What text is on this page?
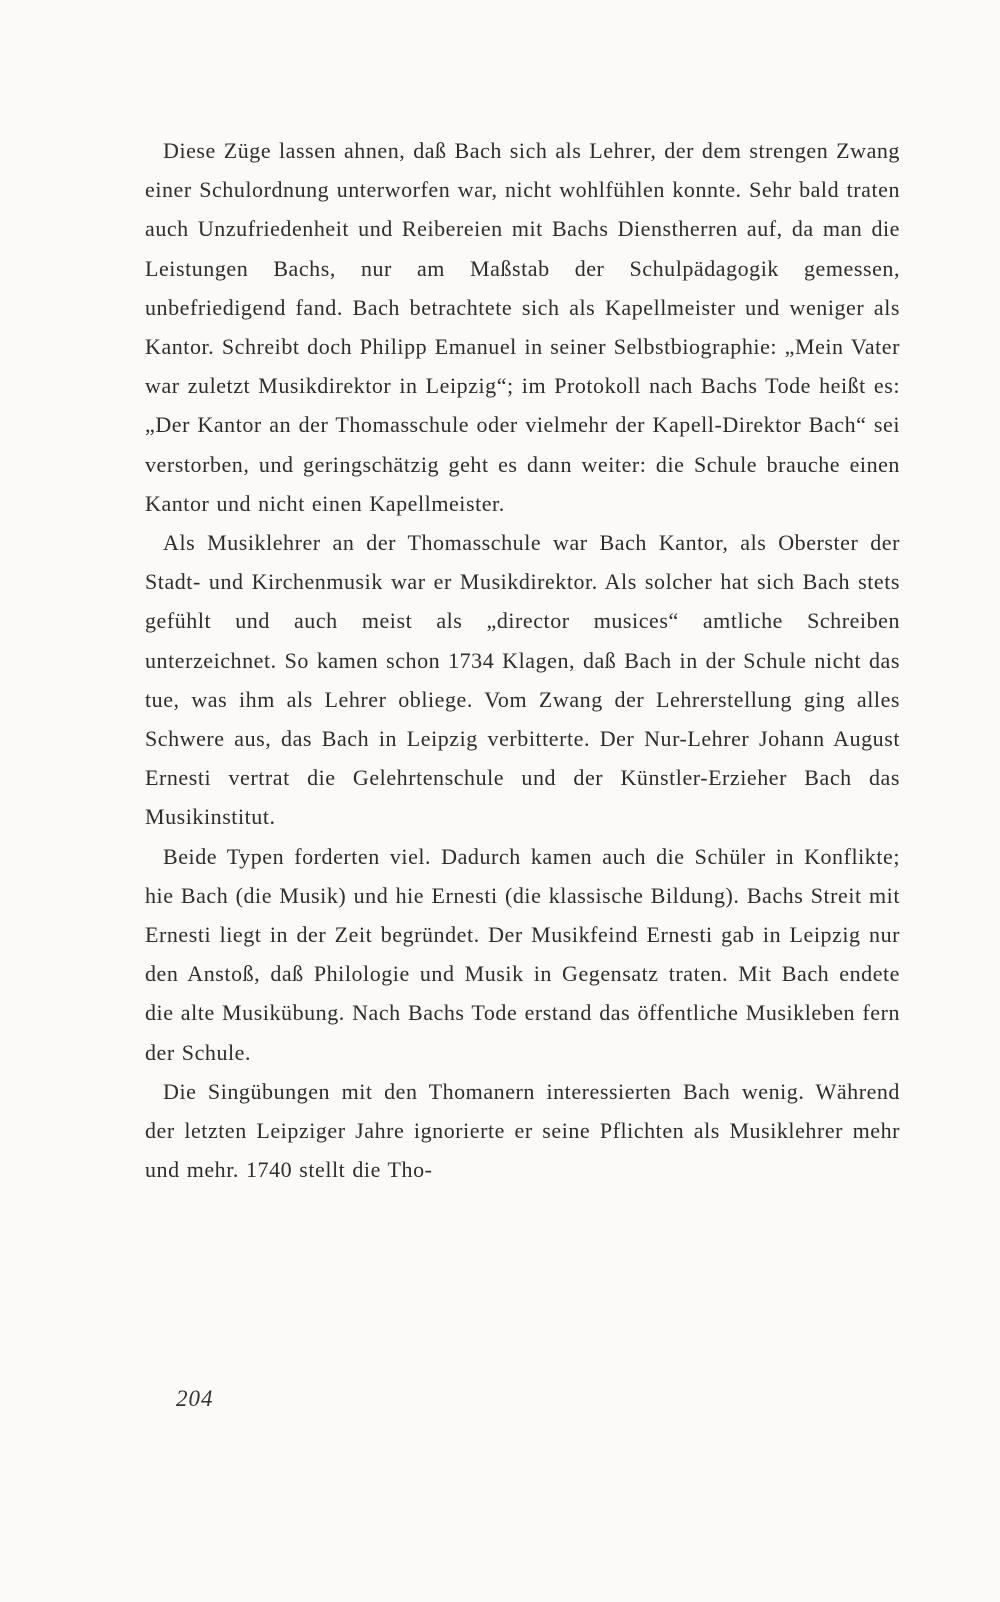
Diese Züge lassen ahnen, daß Bach sich als Lehrer, der dem strengen Zwang einer Schulordnung unterworfen war, nicht wohlfühlen konnte. Sehr bald traten auch Unzufriedenheit und Reibereien mit Bachs Dienstherren auf, da man die Leistungen Bachs, nur am Maßstab der Schulpädagogik gemessen, unbefriedigend fand. Bach betrachtete sich als Kapellmeister und weniger als Kantor. Schreibt doch Philipp Emanuel in seiner Selbstbiographie: „Mein Vater war zuletzt Musikdirektor in Leipzig“; im Protokoll nach Bachs Tode heißt es: „Der Kantor an der Thomasschule oder vielmehr der Kapell-Direktor Bach“ sei verstorben, und geringschätzig geht es dann weiter: die Schule brauche einen Kantor und nicht einen Kapellmeister.

Als Musiklehrer an der Thomasschule war Bach Kantor, als Oberster der Stadt- und Kirchenmusik war er Musikdirektor. Als solcher hat sich Bach stets gefühlt und auch meist als „director musices“ amtliche Schreiben unterzeichnet. So kamen schon 1734 Klagen, daß Bach in der Schule nicht das tue, was ihm als Lehrer obliege. Vom Zwang der Lehrerstellung ging alles Schwere aus, das Bach in Leipzig verbitterte. Der Nur-Lehrer Johann August Ernesti vertrat die Gelehrtenschule und der Künstler-Erzieher Bach das Musikinstitut.

Beide Typen forderten viel. Dadurch kamen auch die Schüler in Konflikte; hie Bach (die Musik) und hie Ernesti (die klassische Bildung). Bachs Streit mit Ernesti liegt in der Zeit begründet. Der Musikfeind Ernesti gab in Leipzig nur den Anstoß, daß Philologie und Musik in Gegensatz traten. Mit Bach endete die alte Musikübung. Nach Bachs Tode erstand das öffentliche Musikleben fern der Schule.

Die Singübungen mit den Thomanern interessierten Bach wenig. Während der letzten Leipziger Jahre ignorierte er seine Pflichten als Musiklehrer mehr und mehr. 1740 stellt die Tho-

204
